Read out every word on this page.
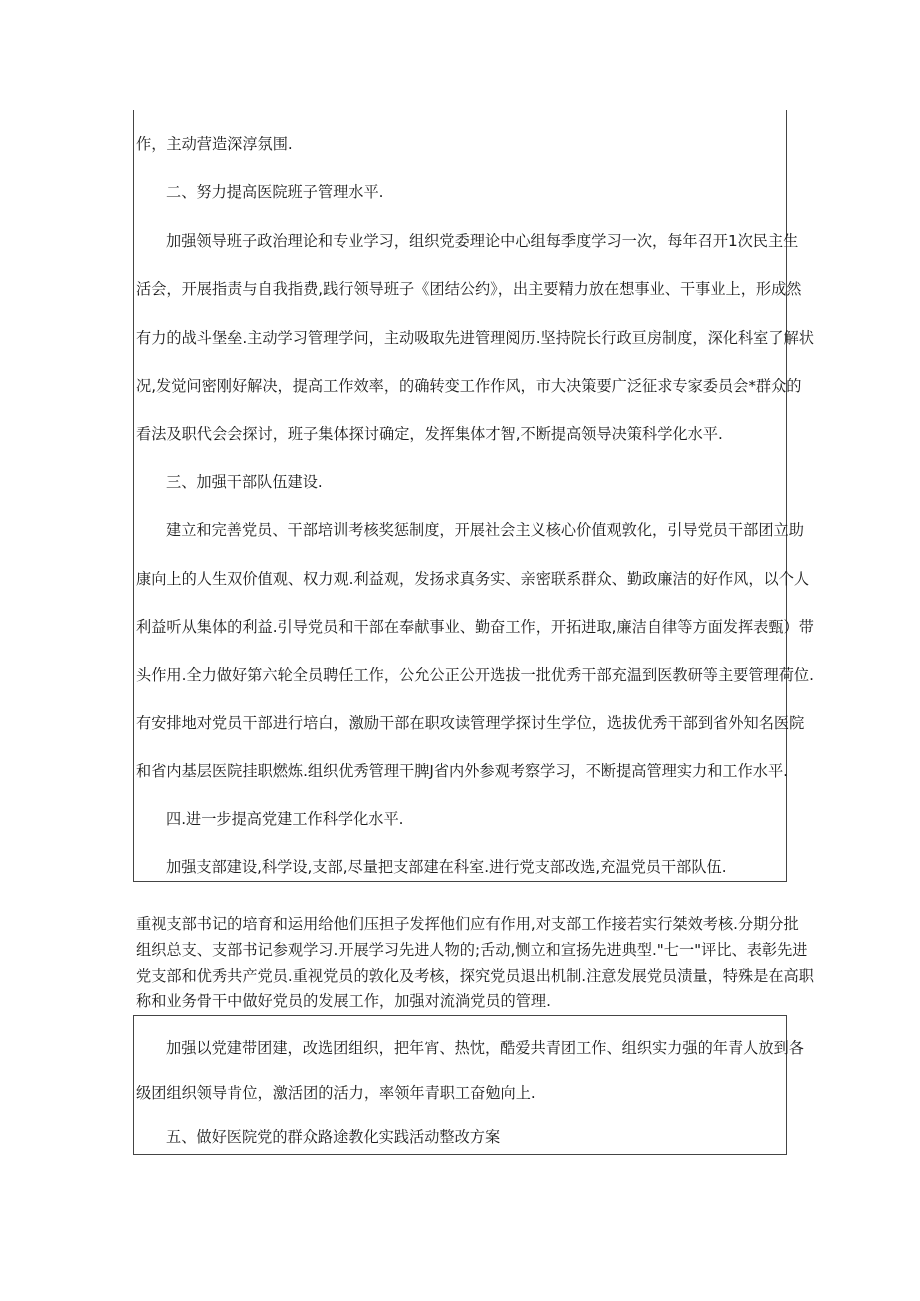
作，主动营造深淳氛围.
二、努力提高医院班子管理水平.
加强领导班子政治理论和专业学习，组织党委理论中心组每季度学习一次，每年召开1次民主生
活会，开展指责与自我指费,践行领导班子《团结公约》，出主要精力放在想事业、干事业上，形成然
有力的战斗堡垒.主动学习管理学问，主动吸取先进管理阅历.坚持院长行政亘房制度，深化科室了解状
况,发觉问密刚好解决，提高工作效率，的确转变工作作风，市大决策要广泛征求专家委员会*群众的
看法及职代会会探讨，班子集体探讨确定，发挥集体才智,不断提高领导决策科学化水平.
三、加强干部队伍建设.
建立和完善党员、干部培训考核奖惩制度，开展社会主义核心价值观敦化，引导党员干部团立助
康向上的人生双价值观、权力观.利益观，发扬求真务实、亲密联系群众、勤政廉洁的好作风，以个人
利益听从集体的利益.引导党员和干部在奉献事业、勤奋工作，开拓进取,廉洁自律等方面发挥表甄）带
头作用.全力做好第六轮全员聘任工作，公允公正公开选拔一批优秀干部充温到医教研等主要管理荷位.
有安排地对党员干部进行培白，激励干部在职攻读管理学探讨生学位，选拔优秀干部到省外知名医院
和省内基层医院挂职燃炼.组织优秀管理干脾J省内外参观考察学习，不断提高管理实力和工作水平.
四.进一步提高党建工作科学化水平.
加强支部建设,科学设,支部,尽量把支部建在科室.进行党支部改选,充温党员干部队伍.
重视支部书记的培育和运用给他们压担子发挥他们应有作用,对支部工作接若实行桀效考核.分期分批
组织总支、支部书记参观学习.开展学习先进人物的;舌动,恻立和宣扬先进典型."七一"评比、表彰先进
党支部和优秀共产党员.重视党员的敦化及考核，探究党员退出机制.注意发展党员渍量，特殊是在高职
称和业务骨干中做好党员的发展工作，加强对流淌党员的管理.
加强以党建带团建，改选团组织，把年宵、热忱，酷爱共青团工作、组织实力强的年青人放到各
级团组织领导肯位，激活团的活力，率领年青职工奋勉向上.
五、做好医院党的群众路途教化实践活动整改方案
